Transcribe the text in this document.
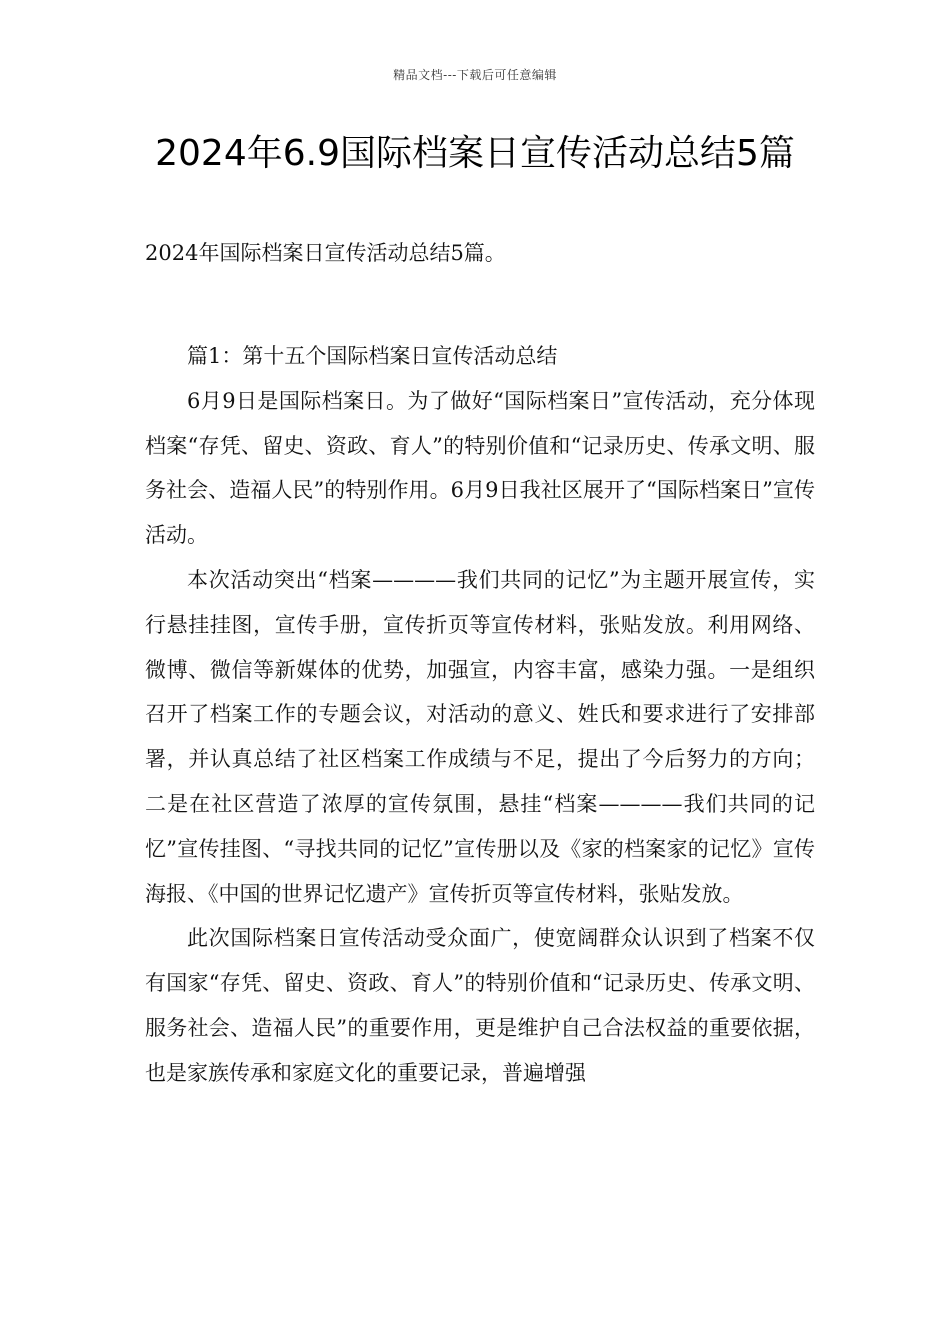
精品文档---下载后可任意编辑
2024年6.9国际档案日宣传活动总结5篇
2024年国际档案日宣传活动总结5篇。

篇1：第十五个国际档案日宣传活动总结

6月9日是国际档案日。为了做好“国际档案日”宣传活动，充分体现档案“存凭、留史、资政、育人”的特别价值和“记录历史、传承文明、服务社会、造福人民”的特别作用。6月9日我社区展开了“国际档案日”宣传活动。

本次活动突出“档案————我们共同的记忆”为主题开展宣传，实行悬挂挂图，宣传手册，宣传折页等宣传材料，张贴发放。利用网络、微博、微信等新媒体的优势，加强宣，内容丰富，感染力强。一是组织召开了档案工作的专题会议，对活动的意义、姓氏和要求进行了安排部署，并认真总结了社区档案工作成绩与不足，提出了今后努力的方向；二是在社区营造了浓厚的宣传氛围，悬挂“档案————我们共同的记忆”宣传挂图、“寻找共同的记忆”宣传册以及《家的档案家的记忆》宣传海报、《中国的世界记忆遗产》宣传折页等宣传材料，张贴发放。

此次国际档案日宣传活动受众面广，使宽阔群众认识到了档案不仅有国家“存凭、留史、资政、育人”的特别价值和“记录历史、传承文明、服务社会、造福人民”的重要作用，更是维护自己合法权益的重要依据，也是家族传承和家庭文化的重要记录，普遍增强
